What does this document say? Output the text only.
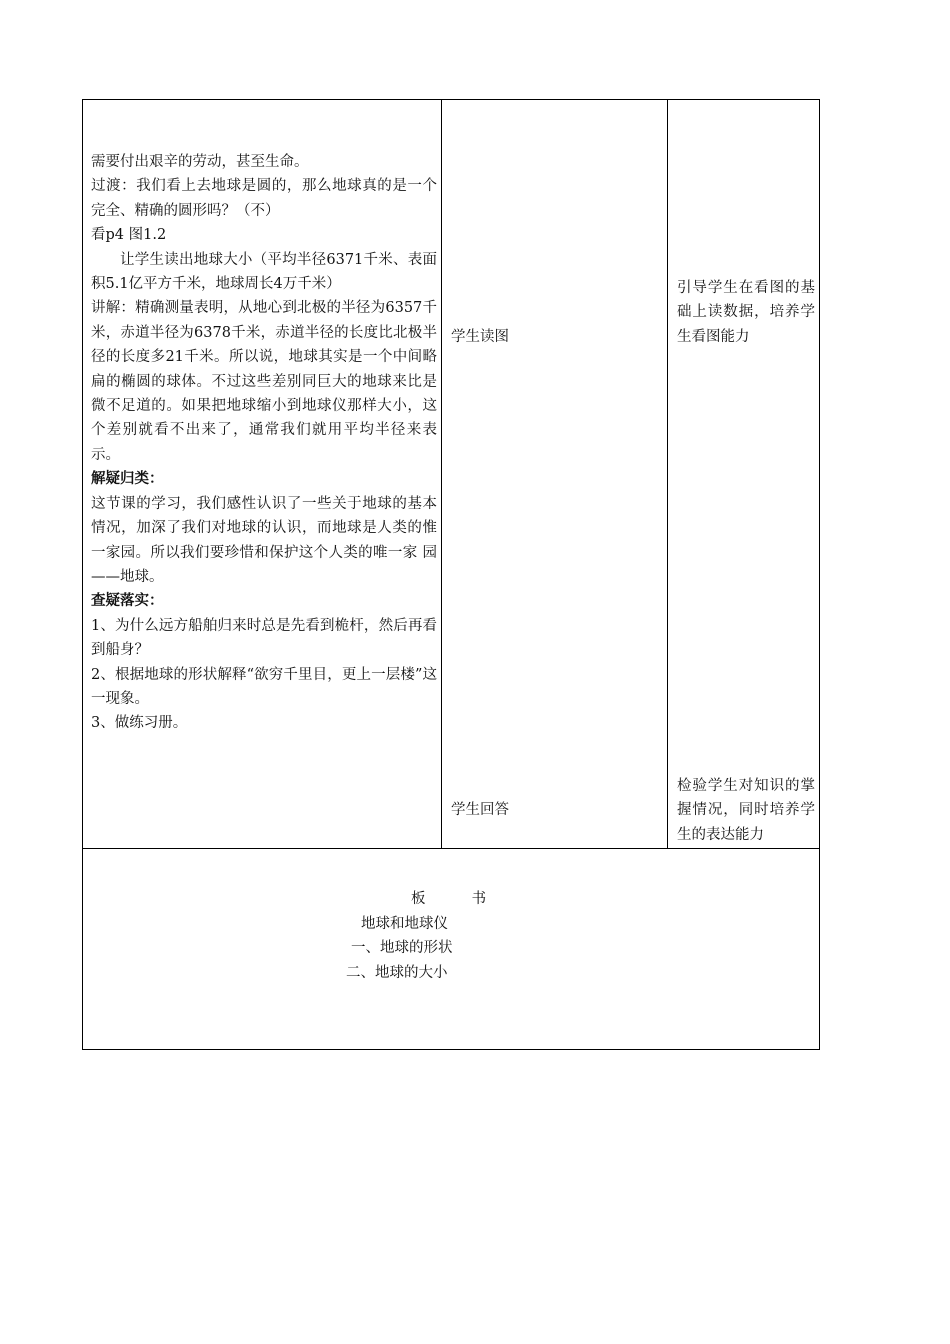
需要付出艰辛的劳动，甚至生命。

过渡：我们看上去地球是圆的，那么地球真的是一个完全、精确的圆形吗？（不）

看p4 图1.2

让学生读出地球大小（平均半径6371千米、表面积5.1亿平方千米，地球周长4万千米）

讲解：精确测量表明，从地心到北极的半径为6357千米，赤道半径为6378千米，赤道半径的长度比北极半径的长度多21千米。所以说，地球其实是一个中间略扁的椭圆的球体。不过这些差别同巨大的地球来比是微不足道的。如果把地球缩小到地球仪那样大小，这个差别就看不出来了，通常我们就用平均半径来表示。

解疑归类：

这节课的学习，我们感性认识了一些关于地球的基本情况，加深了我们对地球的认识，而地球是人类的惟一家园。所以我们要珍惜和保护这个人类的唯一家 园——地球。

查疑落实：

1、为什么远方船舶归来时总是先看到桅杆，然后再看到船身？

2、根据地球的形状解释“欲穷千里目，更上一层楼”这一现象。

3、做练习册。

学生读图
学生回答

引导学生在看图的基础上读数据，培养学生看图能力

检验学生对知识的掌握情况，同时培养学生的表达能力

板          书
地球和地球仪
一、地球的形状
二、地球的大小
